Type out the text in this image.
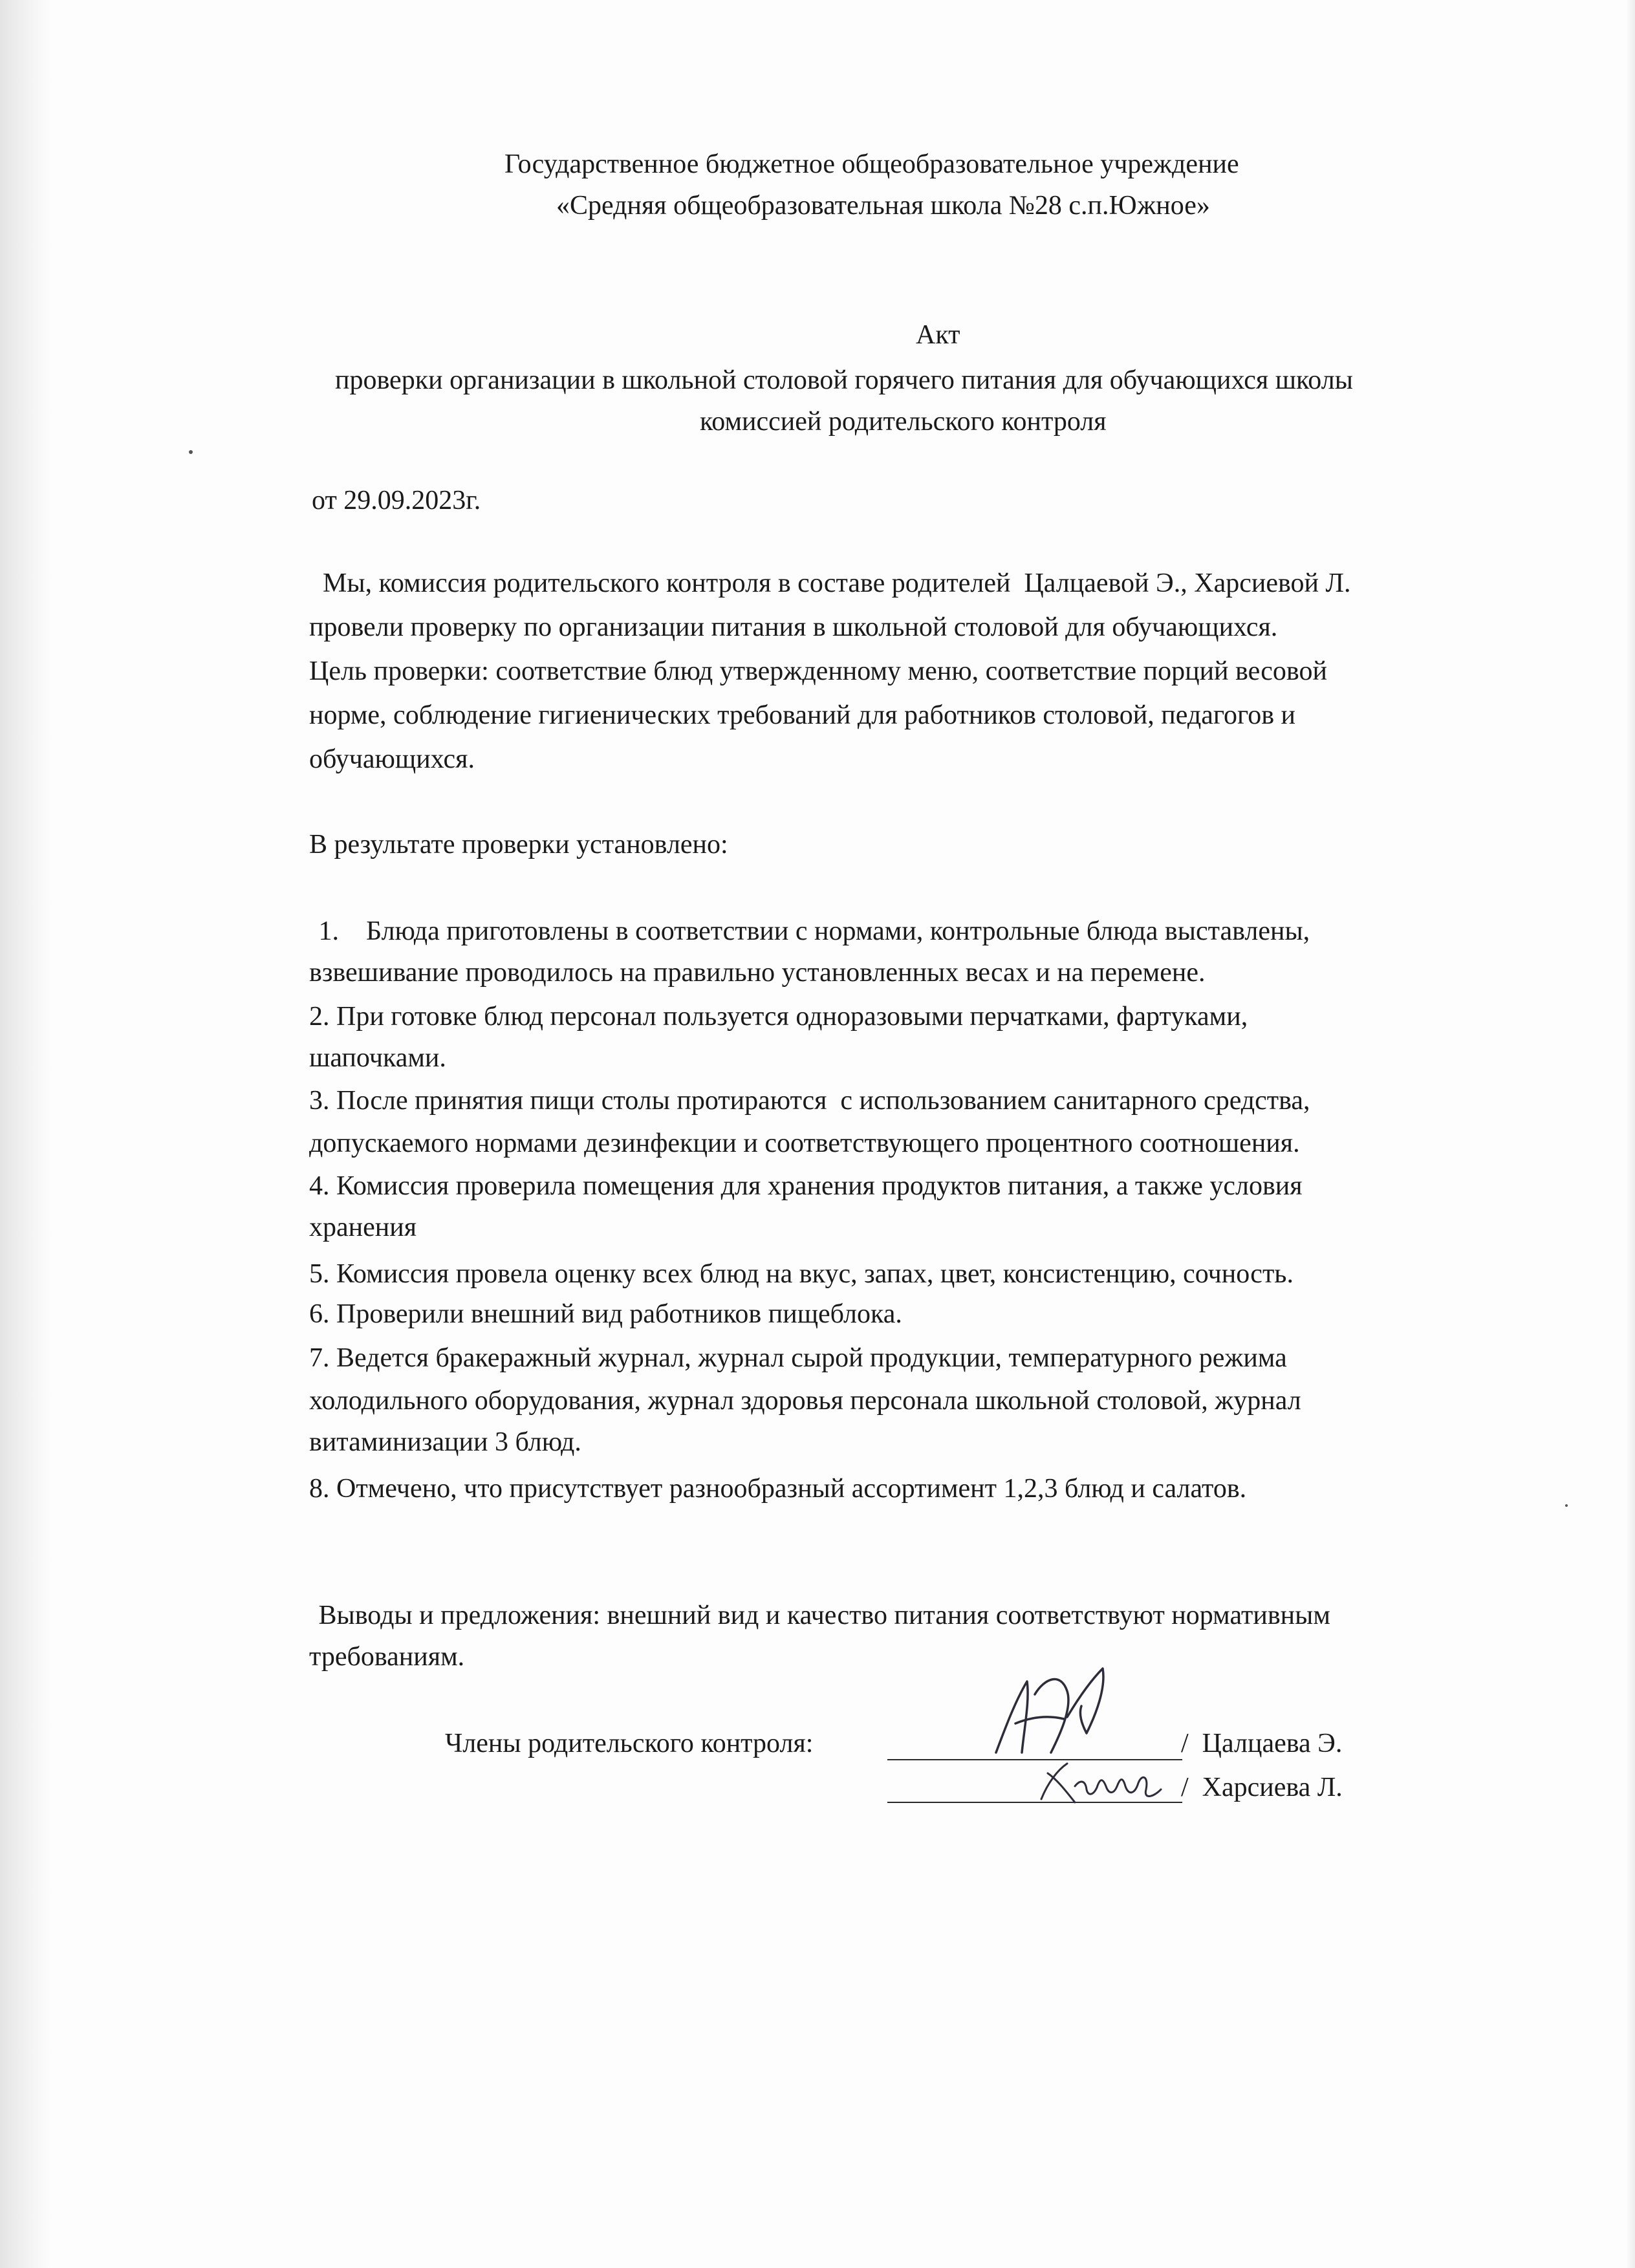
Государственное бюджетное общеобразовательное учреждение
«Средняя общеобразовательная школа №28 с.п.Южное»
Акт
проверки организации в школьной столовой горячего питания для обучающихся школы
комиссией родительского контроля
от 29.09.2023г.
Мы, комиссия родительского контроля в составе родителей  Цалцаевой Э., Харсиевой Л.
провели проверку по организации питания в школьной столовой для обучающихся.
Цель проверки: соответствие блюд утвержденному меню, соответствие порций весовой
норме, соблюдение гигиенических требований для работников столовой, педагогов и
обучающихся.
В результате проверки установлено:
1.    Блюда приготовлены в соответствии с нормами, контрольные блюда выставлены,
взвешивание проводилось на правильно установленных весах и на перемене.
2. При готовке блюд персонал пользуется одноразовыми перчатками, фартуками,
шапочками.
3. После принятия пищи столы протираются  с использованием санитарного средства,
допускаемого нормами дезинфекции и соответствующего процентного соотношения.
4. Комиссия проверила помещения для хранения продуктов питания, а также условия
хранения
5. Комиссия провела оценку всех блюд на вкус, запах, цвет, консистенцию, сочность.
6. Проверили внешний вид работников пищеблока.
7. Ведется бракеражный журнал, журнал сырой продукции, температурного режима
холодильного оборудования, журнал здоровья персонала школьной столовой, журнал
витаминизации 3 блюд.
8. Отмечено, что присутствует разнообразный ассортимент 1,2,3 блюд и салатов.
Выводы и предложения: внешний вид и качество питания соответствуют нормативным
требованиям.
Члены родительского контроля:	/  Цалцаева Э.
/  Харсиева Л.
